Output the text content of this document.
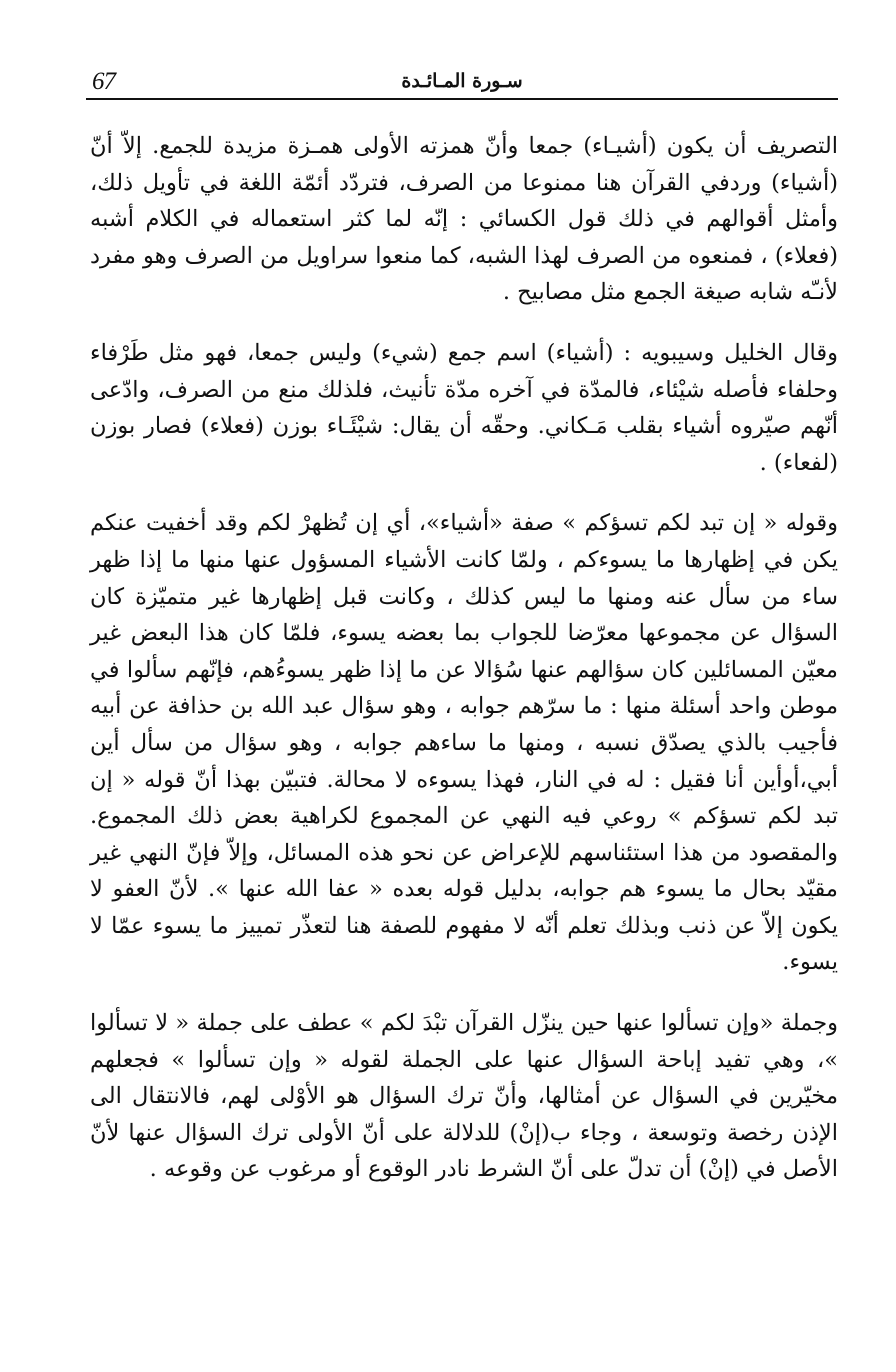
67	سـورة المـائـدة

التصريف أن يكون (أشيـاء) جمعا وأنّ همزته الأولى همـزة مزيدة للجمع. إلاّ أنّ (أشياء) وردفي القرآن هنا ممنوعا من الصرف، فتردّد أئمّة اللغة في تأويل ذلك، وأمثل أقوالهم في ذلك قول الكسائي : إنّه لما كثر استعماله في الكلام أشبه (فعلاء) ، فمنعوه من الصرف لهذا الشبه، كما منعوا سراويل من الصرف وهو مفرد لأنـّه شابه صيغة الجمع مثل مصابيح .

وقال الخليل وسيبويه : (أشياء) اسم جمع (شيء) وليس جمعا، فهو مثل طَرْفاء وحلفاء فأصله شيْئاء، فالمدّة في آخره مدّة تأنيث، فلذلك منع من الصرف، وادّعى أنّهم صيّروه أشياء بقلب مَـكاني. وحقّه أن يقال: شيْئَـاء بوزن (فعلاء) فصار بوزن (لفعاء) .

وقوله « إن تبد لكم تسؤكم » صفة «أشياء»، أي إن تُظهرْ لكم وقد أخفيت عنكم يكن في إظهارها ما يسوءكم ، ولمّا كانت الأشياء المسؤول عنها منها ما إذا ظهر ساء من سأل عنه ومنها ما ليس كذلك ، وكانت قبل إظهارها غير متميّزة كان السؤال عن مجموعها معرّضا للجواب بما بعضه يسوء، فلمّا كان هذا البعض غير معيّن المسائلين كان سؤالهم عنها سُؤالا عن ما إذا ظهر يسوءُهم، فإنّهم سألوا في موطن واحد أسئلة منها : ما سرّهم جوابه ، وهو سؤال عبد الله بن حذافة عن أبيه فأجيب بالذي يصدّق نسبه ، ومنها ما ساءهم جوابه ، وهو سؤال من سأل أين أبي،أوأين أنا فقيل : له في النار، فهذا يسوءه لا محالة. فتبيّن بهذا أنّ قوله « إن تبد لكم تسؤكم » روعي فيه النهي عن المجموع لكراهية بعض ذلك المجموع. والمقصود من هذا استئناسهم للإعراض عن نحو هذه المسائل، وإلاّ فإنّ النهي غير مقيّد بحال ما يسوء هم جوابه، بدليل قوله بعده « عفا الله عنها ». لأنّ العفو لا يكون إلاّ عن ذنب وبذلك تعلم أنّه لا مفهوم للصفة هنا لتعذّر تمييز ما يسوء عمّا لا يسوء.

وجملة «وإن تسألوا عنها حين ينزّل القرآن تبْدَ لكم » عطف على جملة « لا تسألوا »، وهي تفيد إباحة السؤال عنها على الجملة لقوله « وإن تسألوا » فجعلهم مخيّرين في السؤال عن أمثالها، وأنّ ترك السؤال هو الأوْلى لهم، فالانتقال الى الإذن رخصة وتوسعة ، وجاء ب(إنْ) للدلالة على أنّ الأولى ترك السؤال عنها لأنّ الأصل في (إنْ) أن تدلّ على أنّ الشرط نادر الوقوع أو مرغوب عن وقوعه .
